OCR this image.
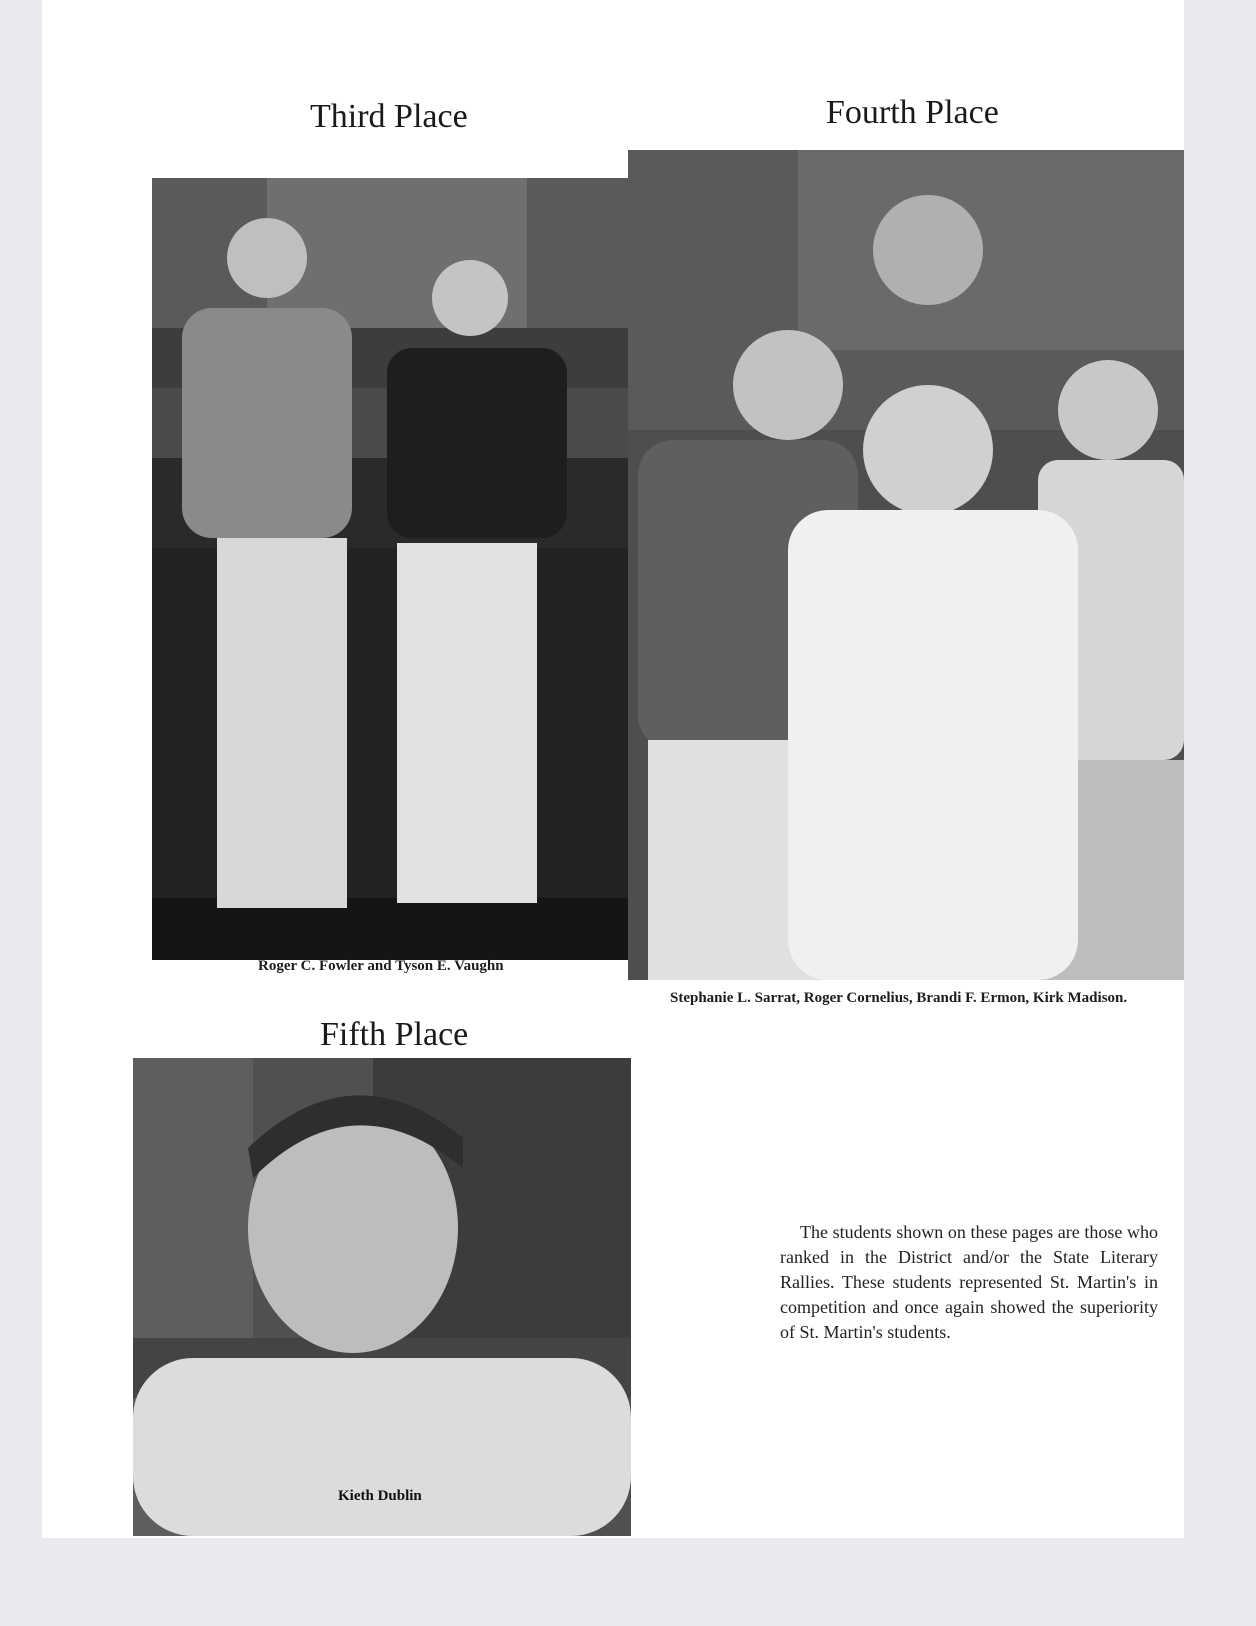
Third Place
Roger C. Fowler and Tyson E. Vaughn
Fourth Place
Stephanie L. Sarrat, Roger Cornelius, Brandi F. Ermon, Kirk Madison.
Fifth Place
Kieth Dublin
The students shown on these pages are those who ranked in the District and/or the State Literary Rallies. These students represented St. Martin's in competition and once again showed the superiority of St. Martin's students.
